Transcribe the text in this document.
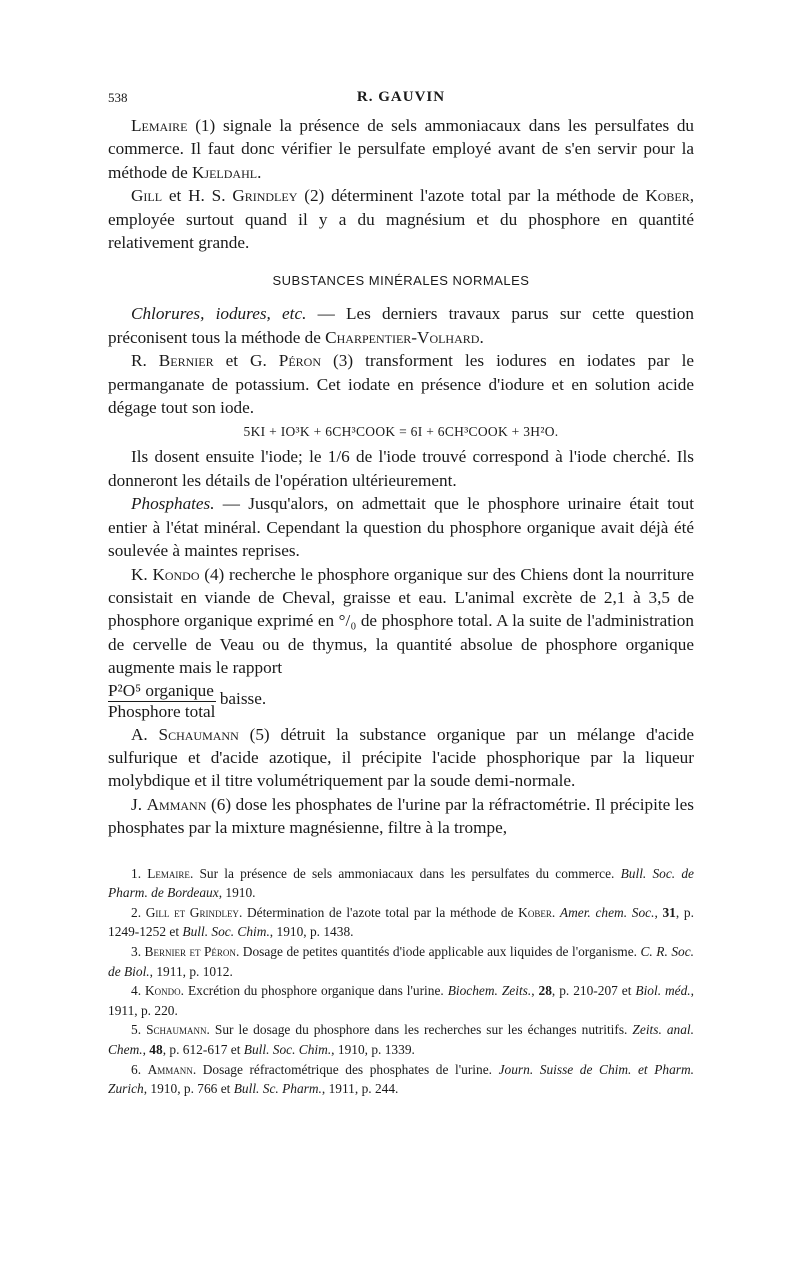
538	R. GAUVIN

Lemaire (1) signale la présence de sels ammoniacaux dans les persulfates du commerce. Il faut donc vérifier le persulfate employé avant de s'en servir pour la méthode de Kjeldahl.

Gill et H. S. Grindley (2) déterminent l'azote total par la méthode de Kober, employée surtout quand il y a du magnésium et du phosphore en quantité relativement grande.

SUBSTANCES MINÉRALES NORMALES

Chlorures, iodures, etc. — Les derniers travaux parus sur cette question préconisent tous la méthode de Charpentier-Volhard.

R. Bernier et G. Péron (3) transforment les iodures en iodates par le permanganate de potassium. Cet iodate en présence d'iodure et en solution acide dégage tout son iode.

5KI + IO³K + 6CH³COOK = 6I + 6CH³COOK + 3H²O.

Ils dosent ensuite l'iode; le 1/6 de l'iode trouvé correspond à l'iode cherché. Ils donneront les détails de l'opération ultérieurement.

Phosphates. — Jusqu'alors, on admettait que le phosphore urinaire était tout entier à l'état minéral. Cependant la question du phosphore organique avait déjà été soulevée à maintes reprises.

K. Kondo (4) recherche le phosphore organique sur des Chiens dont la nourriture consistait en viande de Cheval, graisse et eau. L'animal excrète de 2,1 à 3,5 de phosphore organique exprimé en °/₀ de phosphore total. A la suite de l'administration de cervelle de Veau ou de thymus, la quantité absolue de phosphore organique augmente mais le rapport

$\frac{\text{P²O⁵ organique}}{\text{Phosphore total}}$ baisse.

A. Schaumann (5) détruit la substance organique par un mélange d'acide sulfurique et d'acide azotique, il précipite l'acide phosphorique par la liqueur molybdique et il titre volumétriquement par la soude demi-normale.

J. Ammann (6) dose les phosphates de l'urine par la réfractométrie. Il précipite les phosphates par la mixture magnésienne, filtre à la trompe,

1. Lemaire. Sur la présence de sels ammoniacaux dans les persulfates du commerce. Bull. Soc. de Pharm. de Bordeaux, 1910.

2. Gill et Grindley. Détermination de l'azote total par la méthode de Kober. Amer. chem. Soc., 31, p. 1249-1252 et Bull. Soc. Chim., 1910, p. 1438.

3. Bernier et Péron. Dosage de petites quantités d'iode applicable aux liquides de l'organisme. C. R. Soc. de Biol., 1911, p. 1012.

4. Kondo. Excrétion du phosphore organique dans l'urine. Biochem. Zeits., 28, p. 210-207 et Biol. méd., 1911, p. 220.

5. Schaumann. Sur le dosage du phosphore dans les recherches sur les échanges nutritifs. Zeits. anal. Chem., 48, p. 612-617 et Bull. Soc. Chim., 1910, p. 1339.

6. Ammann. Dosage réfractométrique des phosphates de l'urine. Journ. Suisse de Chim. et Pharm. Zurich, 1910, p. 766 et Bull. Sc. Pharm., 1911, p. 244.
